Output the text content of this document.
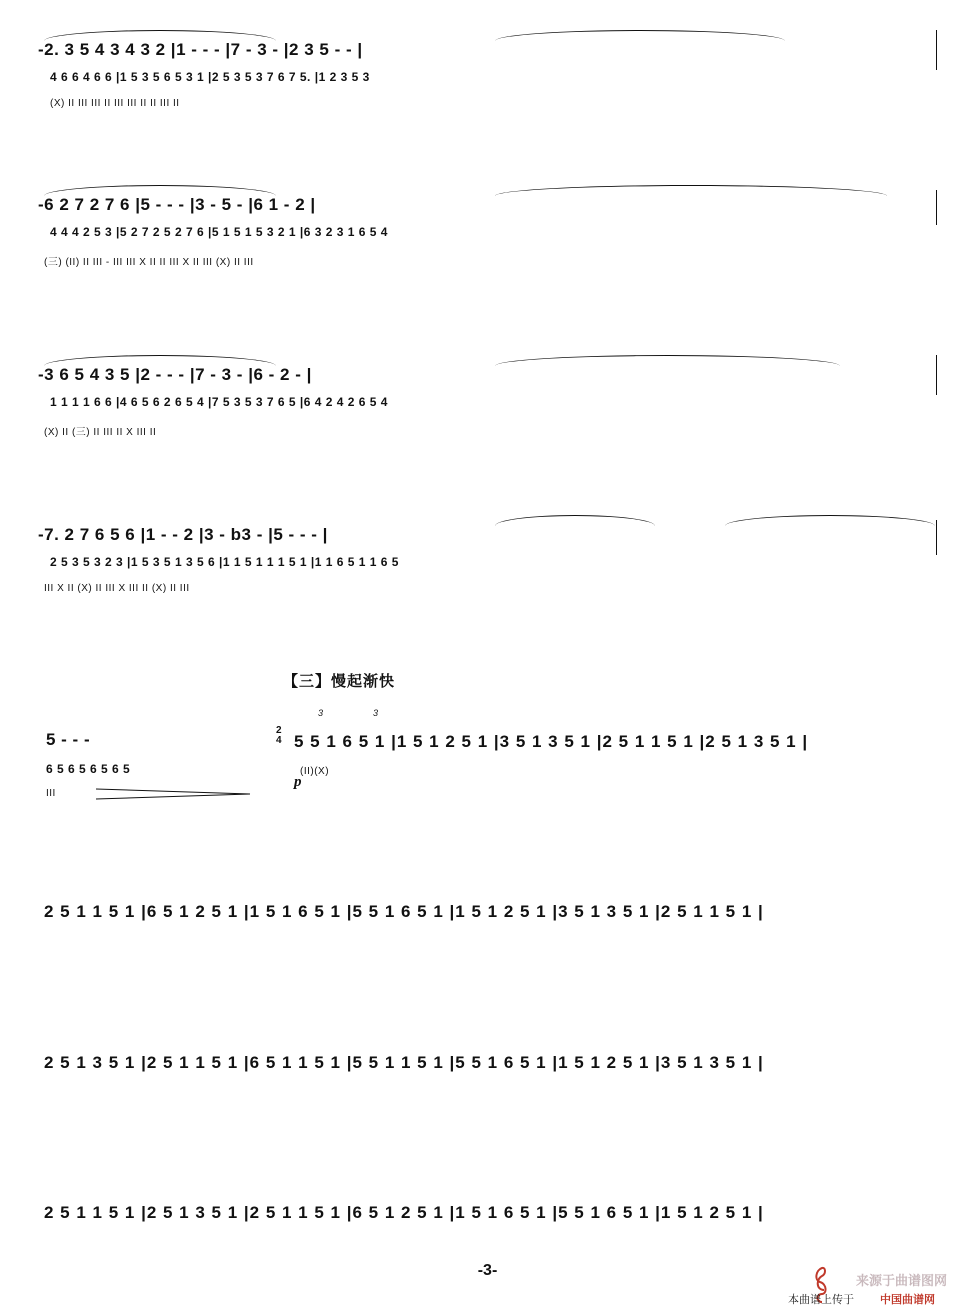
-2. 3 5 4 3 4 3 2 |1 - - - |7 - 3 - |2 3 5 - - |
4 6 6 4 6 6 |1 5 3 5 6 5 3 1 |2 5 3 5 3 7 6 7 5. |1 2 3 5 3
(X) II III III II III III II II III II
-6 2 7 2 7 6 |5 - - - |3 - 5 - |6 1 - 2 |
4 4 4 2 5 3 |5 2 7 2 5 2 7 6 |5 1 5 1 5 3 2 1 |6 3 2 3 1 6 5 4
(三) (II) II III - III III X II II III X II III (X) II III
-3 6 5 4 3 5 |2 - - - |7 - 3 - |6 - 2 - |
1 1 1 1 6 6 |4 6 5 6 2 6 5 4 |7 5 3 5 3 7 6 5 |6 4 2 4 2 6 5 4
(X) II (三) II III II X III II
-7. 2 7 6 5 6 |1 - - 2 |3 - b3 - |5 - - - |
2 5 3 5 3 2 3 |1 5 3 5 1 3 5 6 |1 1 5 1 1 1 5 1 |1 1 6 5 1 1 6 5
III X II (X) II III X III II (X) II III
5 - - -
6 5 6 5 6 5 6 5
III
【三】慢起渐快
2
4
3	3
(II)(X)
p
5 5 1 6 5 1 |1 5 1 2 5 1 |3 5 1 3 5 1 |2 5 1 1 5 1 |2 5 1 3 5 1 |
2 5 1 1 5 1 |6 5 1 2 5 1 |1 5 1 6 5 1 |5 5 1 6 5 1 |1 5 1 2 5 1 |3 5 1 3 5 1 |2 5 1 1 5 1 |
2 5 1 3 5 1 |2 5 1 1 5 1 |6 5 1 1 5 1 |5 5 1 1 5 1 |5 5 1 6 5 1 |1 5 1 2 5 1 |3 5 1 3 5 1 |
2 5 1 1 5 1 |2 5 1 3 5 1 |2 5 1 1 5 1 |6 5 1 2 5 1 |1 5 1 6 5 1 |5 5 1 6 5 1 |1 5 1 2 5 1 |
-3-
来源于曲谱图网
本曲谱上传于 中国曲谱网
